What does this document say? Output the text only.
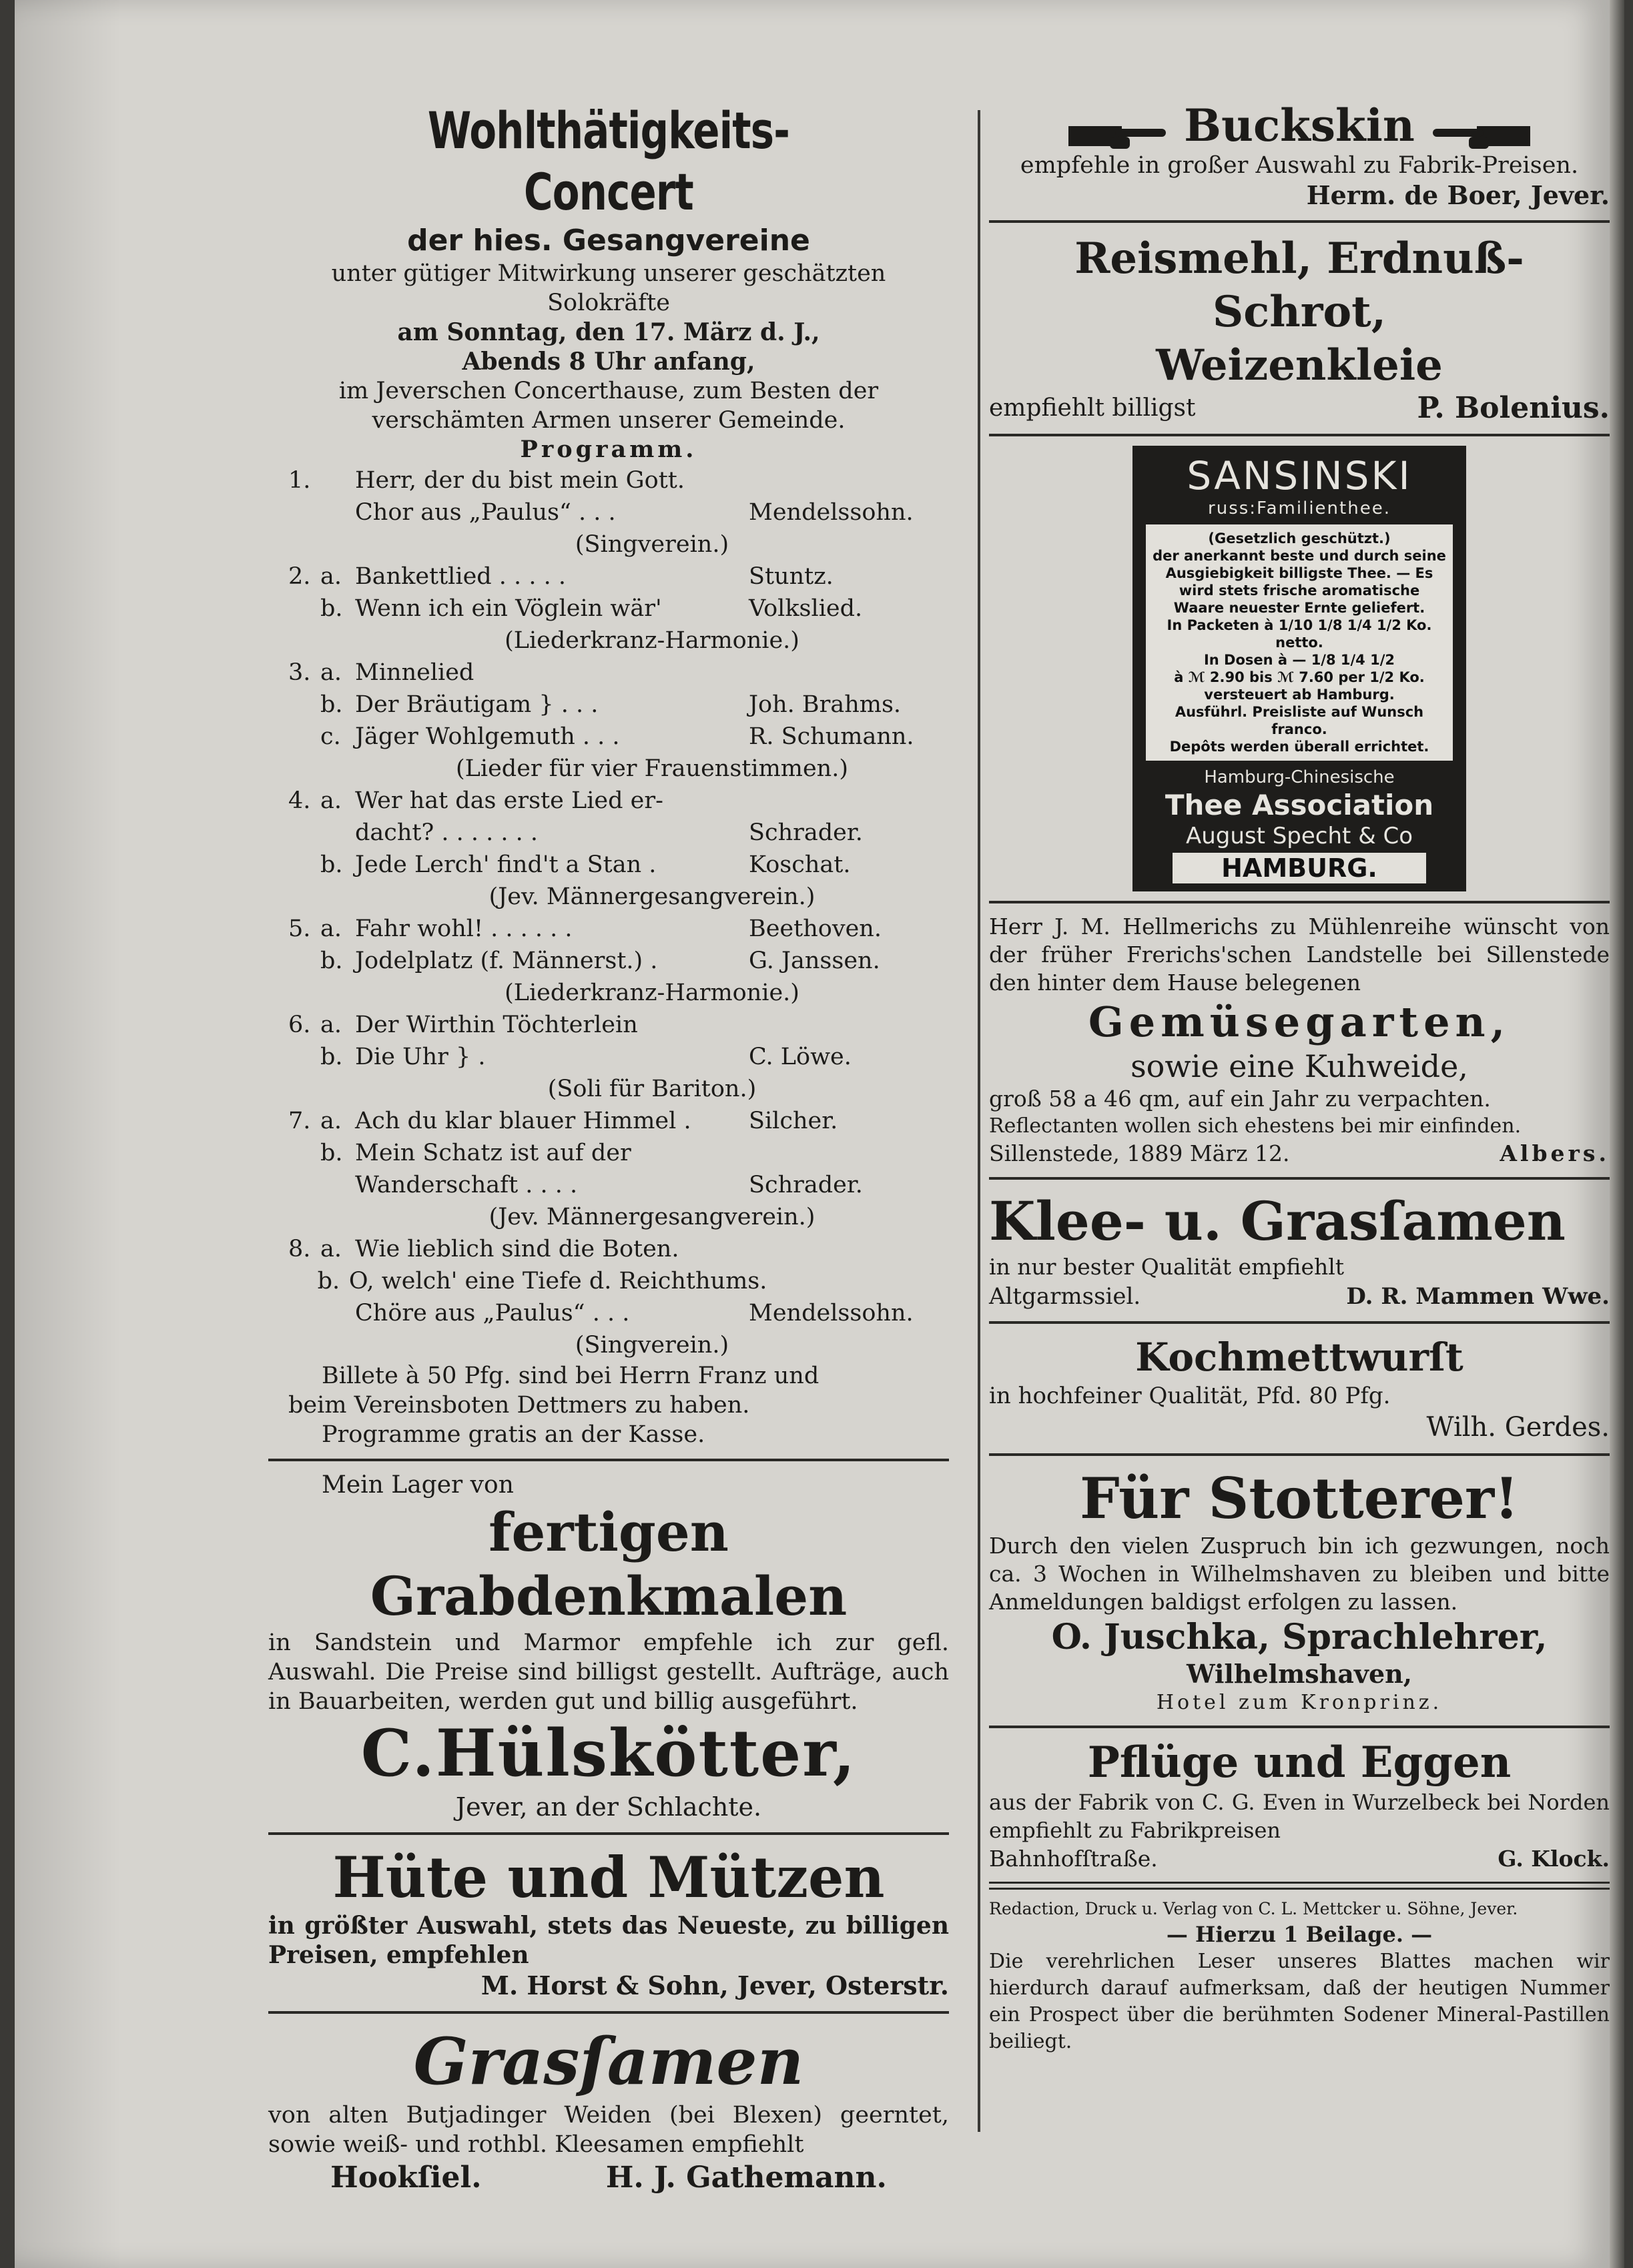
Wohlthätigkeits-Concert
der hies. Gesangvereine
unter gütiger Mitwirkung unserer geschätzten
Solokräfte
am Sonntag, den 17. März d. J.,
Abends 8 Uhr anfang,
im Jeverschen Concerthause, zum Besten der
verschämten Armen unserer Gemeinde.
Programm.
1.	Herr, der du bist mein Gott.
Chor aus „Paulus“ . . .	Mendelssohn.
(Singverein.)
2. a. Bankettlied . . . . .	Stuntz.
b. Wenn ich ein Vöglein wär'	Volkslied.
(Liederkranz-Harmonie.)
3. a. Minnelied
b. Der Bräutigam } . . .	Joh. Brahms.
c. Jäger Wohlgemuth . . .	R. Schumann.
(Lieder für vier Frauenstimmen.)
4. a. Wer hat das erste Lied er-
dacht? . . . . . . .	Schrader.
b. Jede Lerch' find't a Stan .	Koschat.
(Jev. Männergesangverein.)
5. a. Fahr wohl! . . . . . .	Beethoven.
b. Jodelplatz (f. Männerst.) .	G. Janssen.
(Liederkranz-Harmonie.)
6. a. Der Wirthin Töchterlein
b. Die Uhr } .	C. Löwe.
(Soli für Bariton.)
7. a. Ach du klar blauer Himmel .	Silcher.
b. Mein Schatz ist auf der
Wanderschaft . . . .	Schrader.
(Jev. Männergesangverein.)
8. a. Wie lieblich sind die Boten.
b. O, welch' eine Tiefe d. Reichthums.
Chöre aus „Paulus“ . . .	Mendelssohn.
(Singverein.)
Billete à 50 Pfg. sind bei Herrn Franz und
beim Vereinsboten Dettmers zu haben.
Programme gratis an der Kasse.
Mein Lager von
fertigen Grabdenkmalen
in Sandstein und Marmor empfehle ich zur gefl. Auswahl. Die Preise sind billigst gestellt. Aufträge, auch in Bauarbeiten, werden gut und billig ausgeführt.
C.Hülskötter,
Jever, an der Schlachte.
Hüte und Mützen
in größter Auswahl, stets das Neueste, zu billigen Preisen, empfehlen
M. Horst & Sohn, Jever, Osterstr.
Grasſamen
von alten Butjadinger Weiden (bei Blexen) geerntet, sowie weiß- und rothbl. Kleesamen empfiehlt
Hookſiel.	H. J. Gathemann.
Buckskin
empfehle in großer Auswahl zu Fabrik-Preisen.
Herm. de Boer, Jever.
Reismehl, Erdnuß-Schrot,
Weizenkleie
empfiehlt billigst	P. Bolenius.
SANSINSKI
russ:Familienthee.
(Gesetzlich geschützt.)
der anerkannt beste und durch seine Ausgiebigkeit billigste Thee. — Es wird stets frische aromatische Waare neuester Ernte geliefert.
In Packeten à 1/10 1/8 1/4 1/2 Ko. netto.
In Dosen à — 1/8 1/4 1/2
à ℳ 2.90 bis ℳ 7.60 per 1/2 Ko.
versteuert ab Hamburg.
Ausführl. Preisliste auf Wunsch franco.
Depôts werden überall errichtet.
Hamburg-Chinesische
Thee Association
August Specht & Co
HAMBURG.
Herr J. M. Hellmerichs zu Mühlenreihe wünscht von der früher Frerichs'schen Landstelle bei Sillenstede den hinter dem Hause belegenen
Gemüsegarten,
sowie eine Kuhweide,
groß 58 a 46 qm, auf ein Jahr zu verpachten.
Reflectanten wollen sich ehestens bei mir einfinden.
Sillenstede, 1889 März 12.	Albers.
Klee- u. Grasſamen
in nur bester Qualität empfiehlt
Altgarmssiel.	D. R. Mammen Wwe.
Kochmettwurſt
in hochfeiner Qualität, Pfd. 80 Pfg.
Wilh. Gerdes.
Für Stotterer!
Durch den vielen Zuspruch bin ich gezwungen, noch ca. 3 Wochen in Wilhelmshaven zu bleiben und bitte Anmeldungen baldigst erfolgen zu lassen.
O. Juschka, Sprachlehrer,
Wilhelmshaven,
Hotel zum Kronprinz.
Pflüge und Eggen
aus der Fabrik von C. G. Even in Wurzelbeck bei Norden empfiehlt zu Fabrikpreisen
Bahnhofſtraße.	G. Klock.
Redaction, Druck u. Verlag von C. L. Mettcker u. Söhne, Jever.
— Hierzu 1 Beilage. —
Die verehrlichen Leser unseres Blattes machen wir hierdurch darauf aufmerksam, daß der heutigen Nummer ein Prospect über die berühmten Sodener Mineral-Pastillen beiliegt.
